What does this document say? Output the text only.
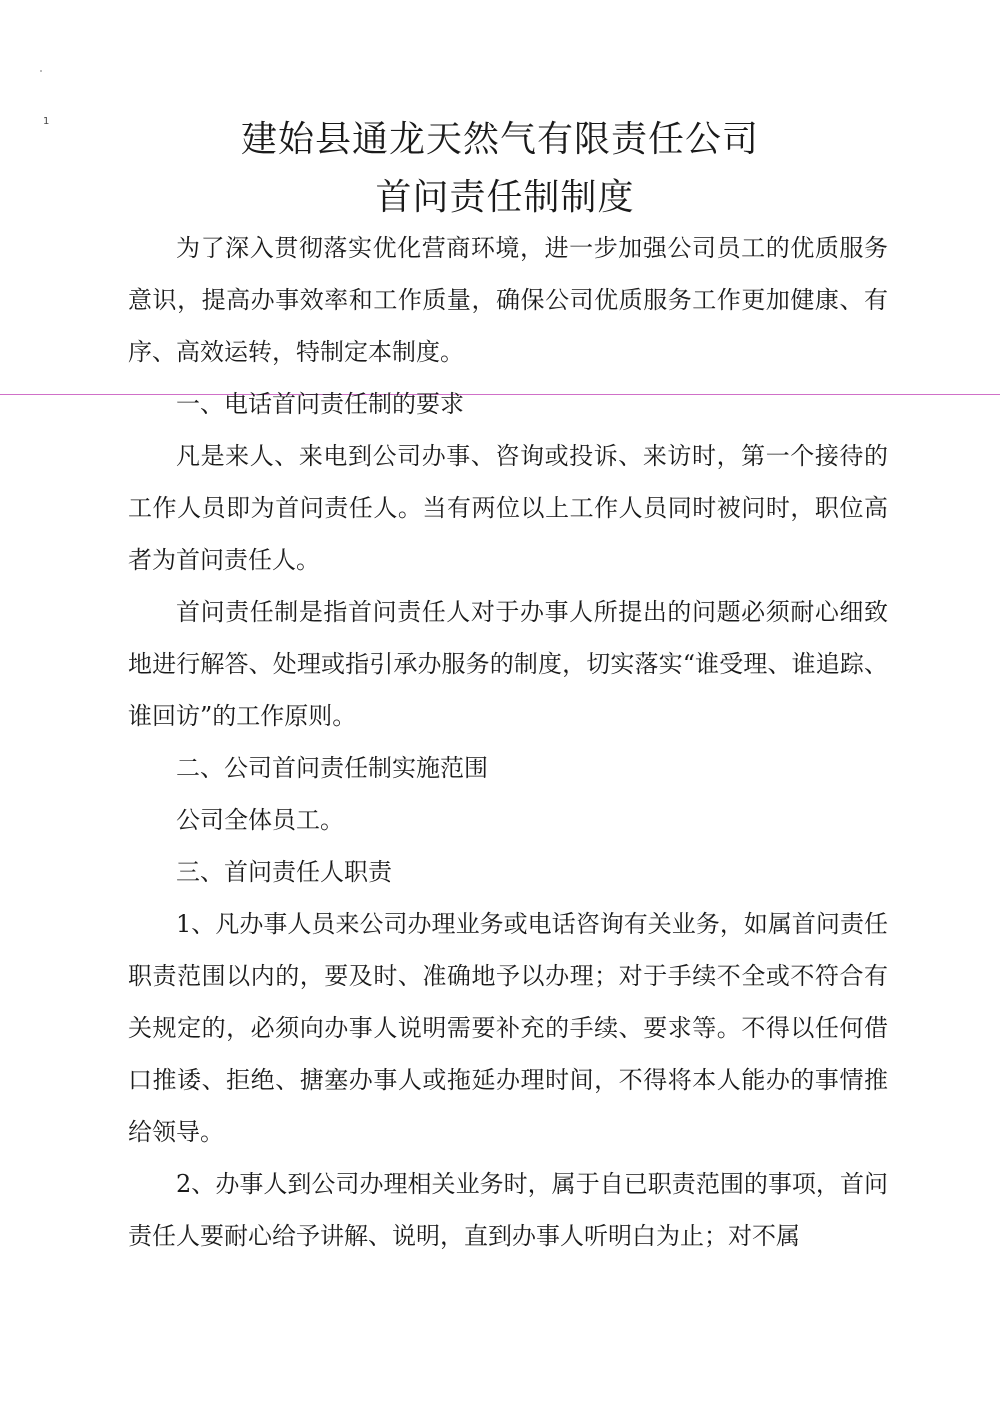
1	建始县通龙天然气有限责任公司
首问责任制制度

为了深入贯彻落实优化营商环境，进一步加强公司员工的优质服务意识，提高办事效率和工作质量，确保公司优质服务工作更加健康、有序、高效运转，特制定本制度。

一、电话首问责任制的要求

凡是来人、来电到公司办事、咨询或投诉、来访时，第一个接待的工作人员即为首问责任人。当有两位以上工作人员同时被问时，职位高者为首问责任人。

首问责任制是指首问责任人对于办事人所提出的问题必须耐心细致地进行解答、处理或指引承办服务的制度，切实落实“谁受理、谁追踪、谁回访”的工作原则。

二、公司首问责任制实施范围

公司全体员工。

三、首问责任人职责

1、凡办事人员来公司办理业务或电话咨询有关业务，如属首问责任职责范围以内的，要及时、准确地予以办理；对于手续不全或不符合有关规定的，必须向办事人说明需要补充的手续、要求等。不得以任何借口推诿、拒绝、搪塞办事人或拖延办理时间，不得将本人能办的事情推给领导。

2、办事人到公司办理相关业务时，属于自已职责范围的事项，首问责任人要耐心给予讲解、说明，直到办事人听明白为止；对不属
